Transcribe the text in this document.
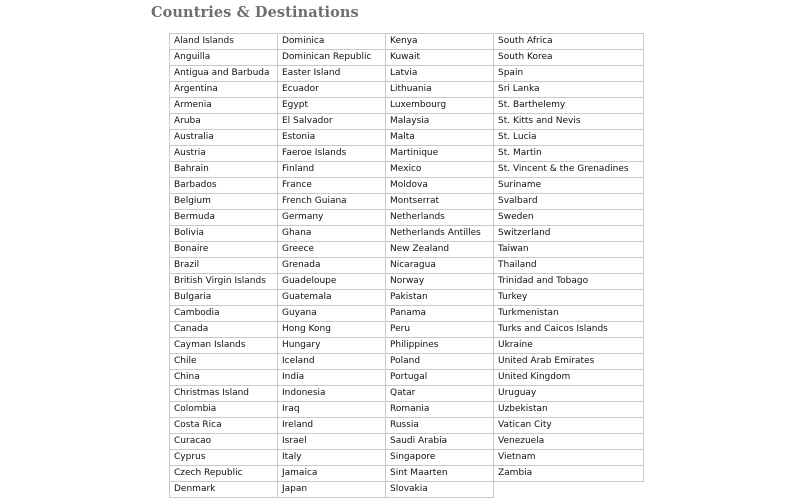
Countries & Destinations
Aland Islands	Dominica	Kenya	South Africa
Anguilla	Dominican Republic	Kuwait	South Korea
Antigua and Barbuda	Easter Island	Latvia	Spain
Argentina	Ecuador	Lithuania	Sri Lanka
Armenia	Egypt	Luxembourg	St. Barthelemy
Aruba	El Salvador	Malaysia	St. Kitts and Nevis
Australia	Estonia	Malta	St. Lucia
Austria	Faeroe Islands	Martinique	St. Martin
Bahrain	Finland	Mexico	St. Vincent & the Grenadines
Barbados	France	Moldova	Suriname
Belgium	French Guiana	Montserrat	Svalbard
Bermuda	Germany	Netherlands	Sweden
Bolivia	Ghana	Netherlands Antilles	Switzerland
Bonaire	Greece	New Zealand	Taiwan
Brazil	Grenada	Nicaragua	Thailand
British Virgin Islands	Guadeloupe	Norway	Trinidad and Tobago
Bulgaria	Guatemala	Pakistan	Turkey
Cambodia	Guyana	Panama	Turkmenistan
Canada	Hong Kong	Peru	Turks and Caicos Islands
Cayman Islands	Hungary	Philippines	Ukraine
Chile	Iceland	Poland	United Arab Emirates
China	India	Portugal	United Kingdom
Christmas Island	Indonesia	Qatar	Uruguay
Colombia	Iraq	Romania	Uzbekistan
Costa Rica	Ireland	Russia	Vatican City
Curacao	Israel	Saudi Arabia	Venezuela
Cyprus	Italy	Singapore	Vietnam
Czech Republic	Jamaica	Sint Maarten	Zambia
Denmark	Japan	Slovakia	
